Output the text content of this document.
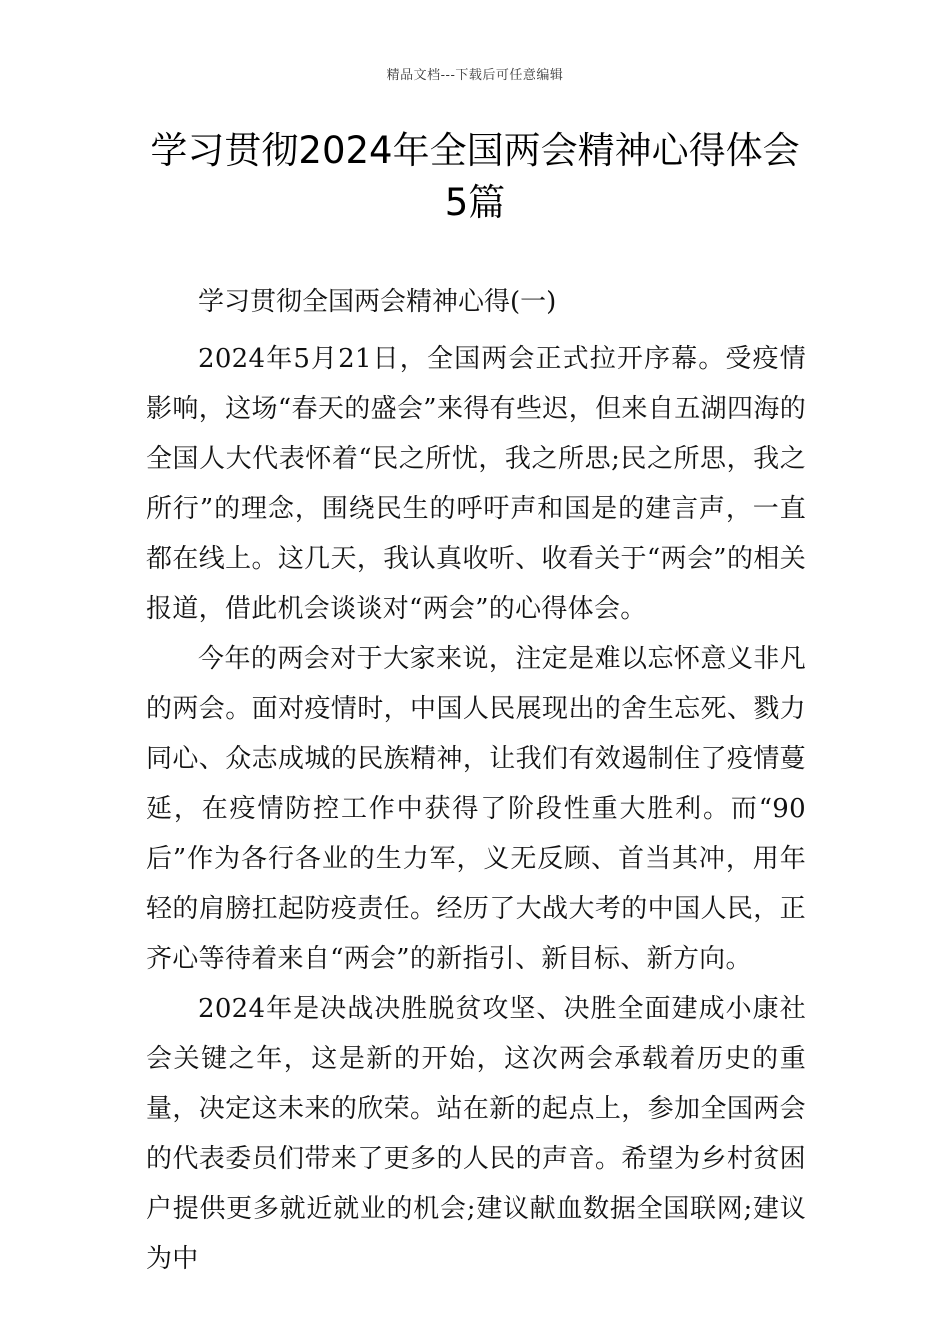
精品文档---下载后可任意编辑
学习贯彻2024年全国两会精神心得体会5篇

学习贯彻全国两会精神心得(一)

2024年5月21日，全国两会正式拉开序幕。受疫情影响，这场“春天的盛会”来得有些迟，但来自五湖四海的全国人大代表怀着“民之所忧，我之所思;民之所思，我之所行”的理念，围绕民生的呼吁声和国是的建言声，一直都在线上。这几天，我认真收听、收看关于“两会”的相关报道，借此机会谈谈对“两会”的心得体会。

今年的两会对于大家来说，注定是难以忘怀意义非凡的两会。面对疫情时，中国人民展现出的舍生忘死、戮力同心、众志成城的民族精神，让我们有效遏制住了疫情蔓延，在疫情防控工作中获得了阶段性重大胜利。而“90后”作为各行各业的生力军，义无反顾、首当其冲，用年轻的肩膀扛起防疫责任。经历了大战大考的中国人民，正齐心等待着来自“两会”的新指引、新目标、新方向。

2024年是决战决胜脱贫攻坚、决胜全面建成小康社会关键之年，这是新的开始，这次两会承载着历史的重量，决定这未来的欣荣。站在新的起点上，参加全国两会的代表委员们带来了更多的人民的声音。希望为乡村贫困户提供更多就近就业的机会;建议献血数据全国联网;建议为中
